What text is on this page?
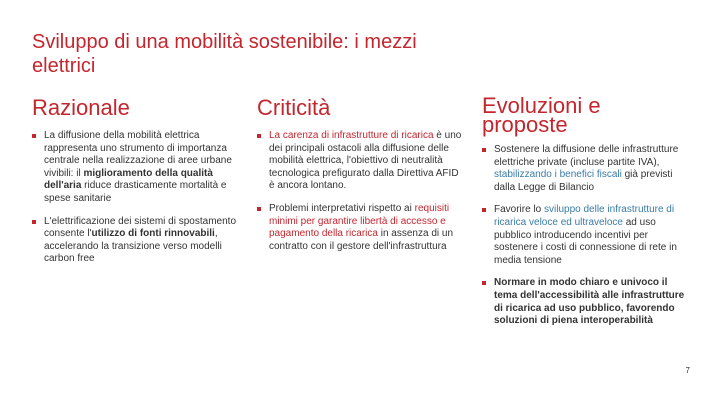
Sviluppo di una mobilità sostenibile: i mezzi elettrici
Razionale
La diffusione della mobilità elettrica rappresenta uno strumento di importanza centrale nella realizzazione di aree urbane vivibili: il miglioramento della qualità dell'aria riduce drasticamente mortalità e spese sanitarie
L'elettrificazione dei sistemi di spostamento consente l'utilizzo di fonti rinnovabili, accelerando la transizione verso modelli carbon free
Criticità
La carenza di infrastrutture di ricarica è uno dei principali ostacoli alla diffusione delle mobilità elettrica, l'obiettivo di neutralità tecnologica prefigurato dalla Direttiva AFID è ancora lontano.
Problemi interpretativi rispetto ai requisiti minimi per garantire libertà di accesso e pagamento della ricarica in assenza di un contratto con il gestore dell'infrastruttura
Evoluzioni e proposte
Sostenere la diffusione delle infrastrutture elettriche private (incluse partite IVA), stabilizzando i benefici fiscali già previsti dalla Legge di Bilancio
Favorire lo sviluppo delle infrastrutture di ricarica veloce ed ultraveloce ad uso pubblico introducendo incentivi per sostenere i costi di connessione di rete in media tensione
Normare in modo chiaro e univoco il tema dell'accessibilità alle infrastrutture di ricarica ad uso pubblico, favorendo soluzioni di piena interoperabilità
7
